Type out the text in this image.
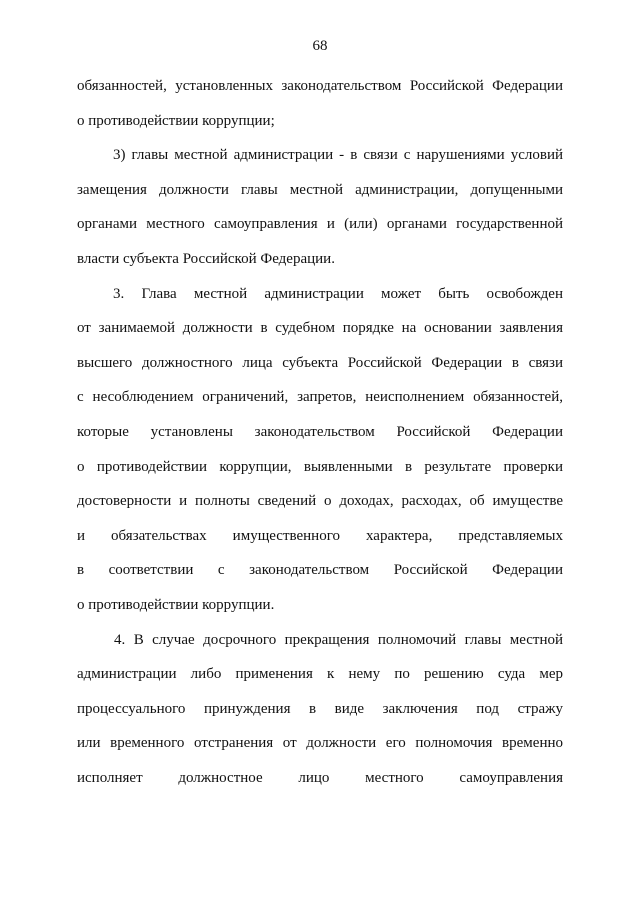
68

обязанностей, установленных законодательством Российской Федерации

о противодействии коррупции;

3) главы местной администрации - в связи с нарушениями условий

замещения должности главы местной администрации, допущенными

органами местного самоуправления и (или) органами государственной

власти субъекта Российской Федерации.

3. Глава местной администрации может быть освобожден

от занимаемой должности в судебном порядке на основании заявления

высшего должностного лица субъекта Российской Федерации в связи

с несоблюдением ограничений, запретов, неисполнением обязанностей,

которые установлены законодательством Российской Федерации

о противодействии коррупции, выявленными в результате проверки

достоверности и полноты сведений о доходах, расходах, об имуществе

и обязательствах имущественного характера, представляемых

в соответствии с законодательством Российской Федерации

о противодействии коррупции.

4. В случае досрочного прекращения полномочий главы местной

администрации либо применения к нему по решению суда мер

процессуального принуждения в виде заключения под стражу

или временного отстранения от должности его полномочия временно

исполняет должностное лицо местного самоуправления
